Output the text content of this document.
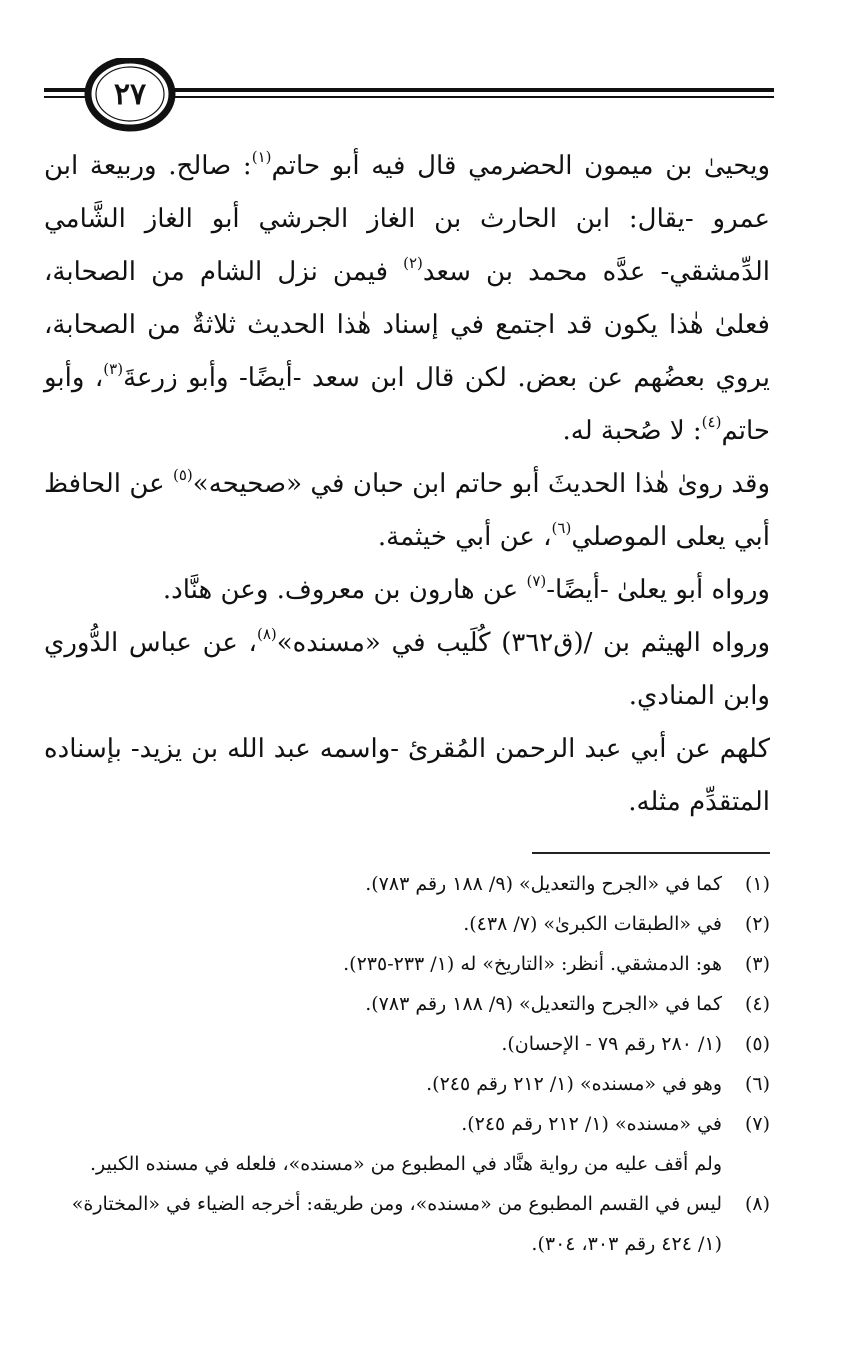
٢٧

ويحيىٰ بن ميمون الحضرمي قال فيه أبو حاتم$^{(١)}$: صالح. وربيعة ابن عمرو -يقال: ابن الحارث بن الغاز الجرشي أبو الغاز الشَّامي الدِّمشقي- عدَّه محمد بن سعد$^{(٢)}$ فيمن نزل الشام من الصحابة، فعلىٰ هٰذا يكون قد اجتمع في إسناد هٰذا الحديث ثلاثةٌ من الصحابة، يروي بعضُهم عن بعض. لكن قال ابن سعد -أيضًا- وأبو زرعةَ$^{(٣)}$، وأبو حاتم$^{(٤)}$: لا صُحبة له.

وقد روىٰ هٰذا الحديثَ أبو حاتم ابن حبان في «صحيحه»$^{(٥)}$ عن الحافظ أبي يعلى الموصلي$^{(٦)}$، عن أبي خيثمة.

ورواه أبو يعلىٰ -أيضًا-$^{(٧)}$ عن هارون بن معروف. وعن هنَّاد.

ورواه الهيثم بن /(ق٣٦٢) كُلَيب في «مسنده»$^{(٨)}$، عن عباس الدُّوري وابن المنادي.

كلهم عن أبي عبد الرحمن المُقرئ -واسمه عبد الله بن يزيد- بإسناده المتقدِّم مثله.

(١)
كما في «الجرح والتعديل» (٩/ ١٨٨ رقم ٧٨٣).
(٢)
في «الطبقات الكبرىٰ» (٧/ ٤٣٨).
(٣)
هو: الدمشقي. أنظر: «التاريخ» له (١/ ٢٣٣-٢٣٥).
(٤)
كما في «الجرح والتعديل» (٩/ ١٨٨ رقم ٧٨٣).
(٥)
(١/ ٢٨٠ رقم ٧٩ - الإحسان).
(٦)
وهو في «مسنده» (١/ ٢١٢ رقم ٢٤٥).
(٧)
في «مسنده» (١/ ٢١٢ رقم ٢٤٥).
ولم أقف عليه من رواية هنَّاد في المطبوع من «مسنده»، فلعله في مسنده الكبير.
(٨)
ليس في القسم المطبوع من «مسنده»، ومن طريقه: أخرجه الضياء في «المختارة» (١/ ٤٢٤ رقم ٣٠٣، ٣٠٤).
